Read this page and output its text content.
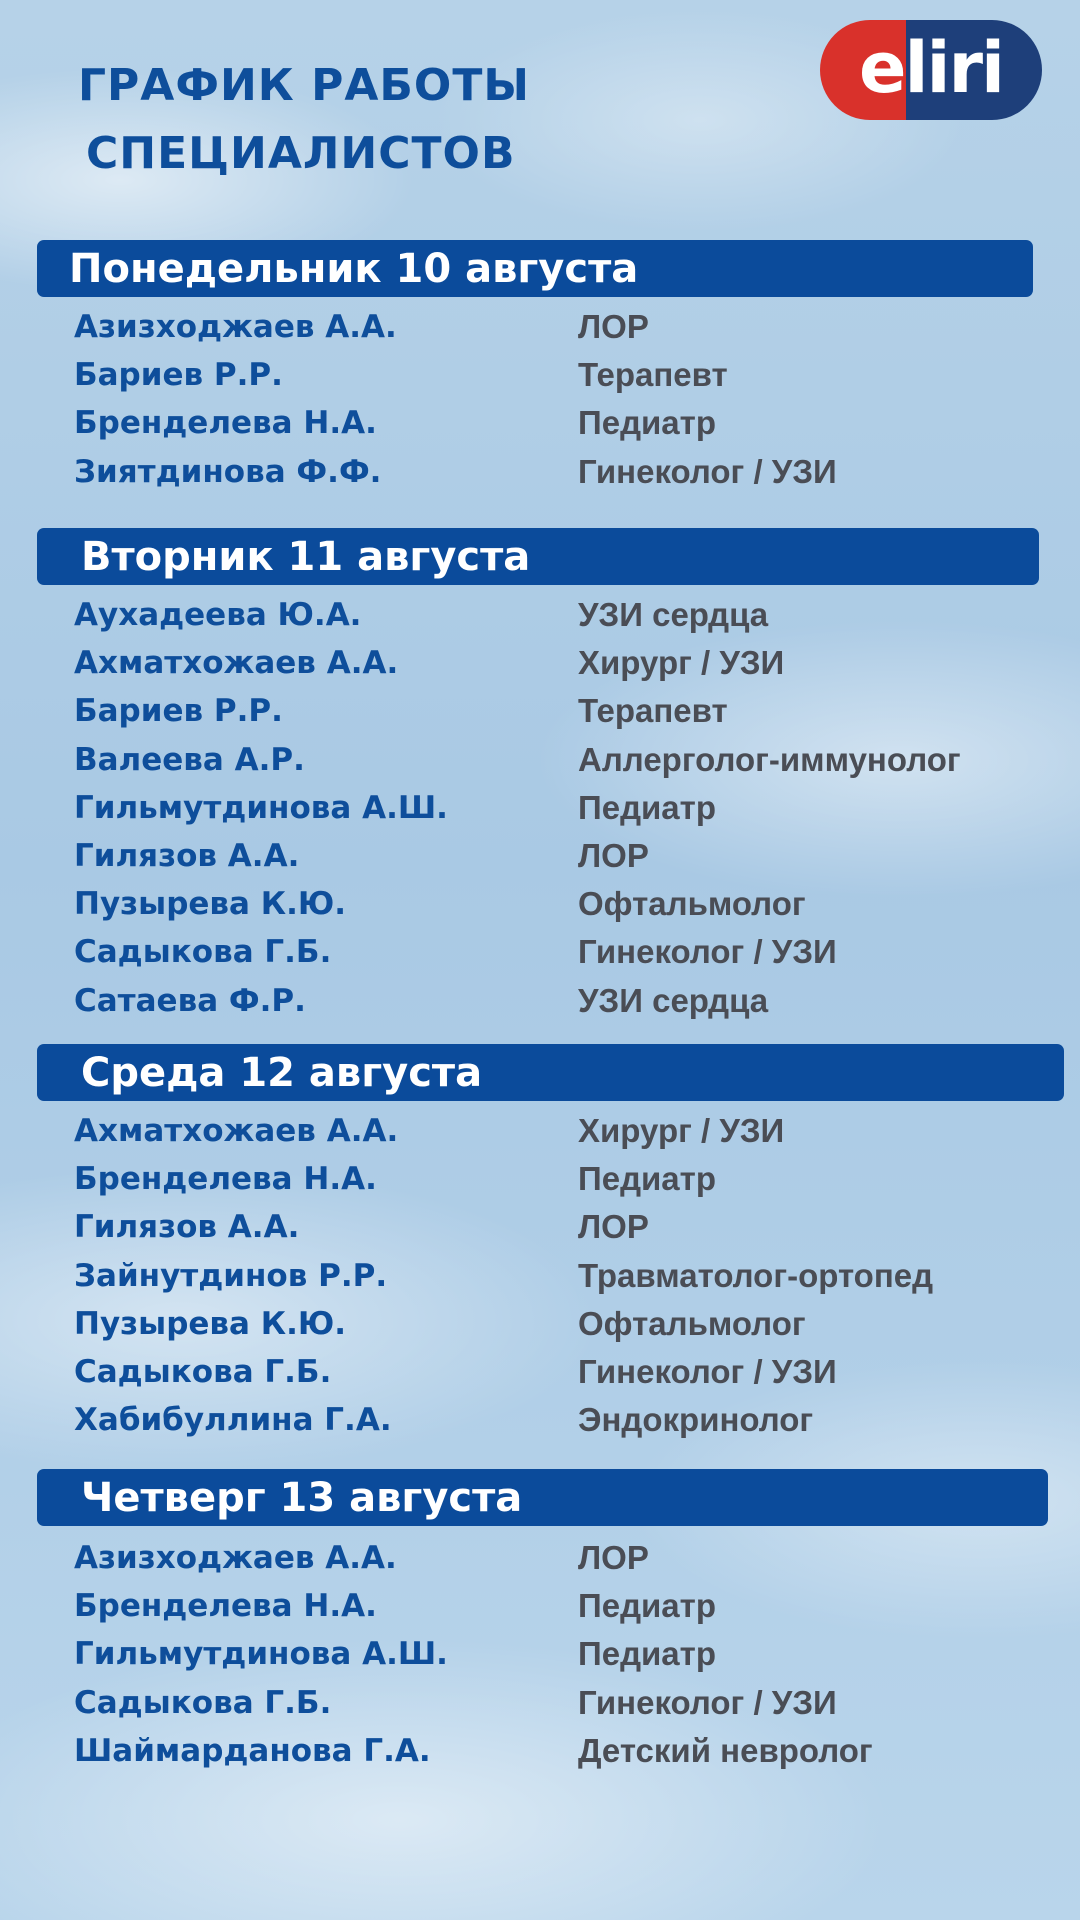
ГРАФИК РАБОТЫ
СПЕЦИАЛИСТОВ
eliri
Понедельник 10 августа
Азизходжаев А.А.	ЛОР
Бариев Р.Р.	Терапевт
Бренделева Н.А.	Педиатр
Зиятдинова Ф.Ф.	Гинеколог / УЗИ
Вторник 11 августа
Аухадеева Ю.А.	УЗИ сердца
Ахматхожаев А.А.	Хирург / УЗИ
Бариев Р.Р.	Терапевт
Валеева А.Р.	Аллерголог-иммунолог
Гильмутдинова А.Ш.	Педиатр
Гилязов А.А.	ЛОР
Пузырева К.Ю.	Офтальмолог
Садыкова Г.Б.	Гинеколог / УЗИ
Сатаева Ф.Р.	УЗИ сердца
Среда 12 августа
Ахматхожаев А.А.	Хирург / УЗИ
Бренделева Н.А.	Педиатр
Гилязов А.А.	ЛОР
Зайнутдинов Р.Р.	Травматолог-ортопед
Пузырева К.Ю.	Офтальмолог
Садыкова Г.Б.	Гинеколог / УЗИ
Хабибуллина Г.А.	Эндокринолог
Четверг 13 августа
Азизходжаев А.А.	ЛОР
Бренделева Н.А.	Педиатр
Гильмутдинова А.Ш.	Педиатр
Садыкова Г.Б.	Гинеколог / УЗИ
Шаймарданова Г.А.	Детский невролог
